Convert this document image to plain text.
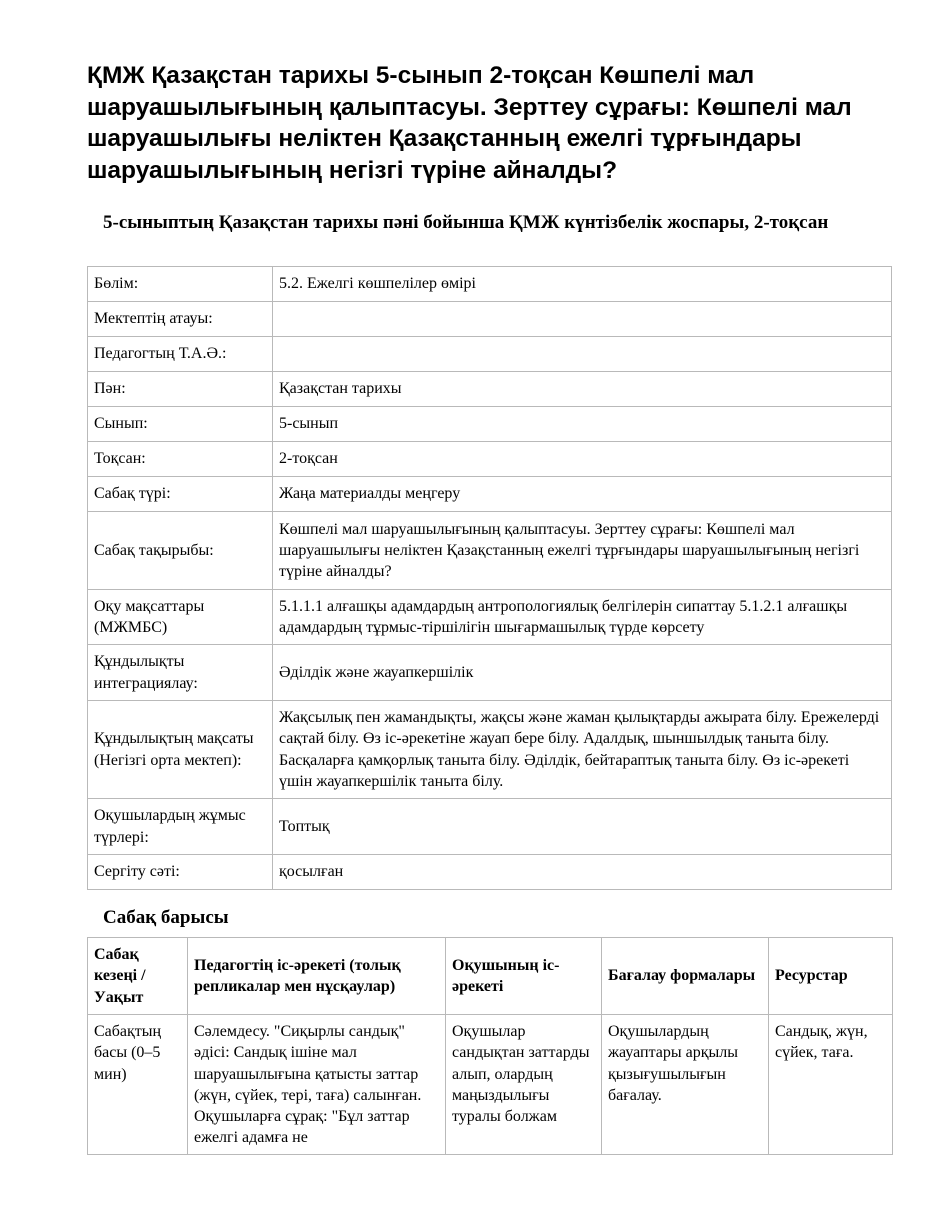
ҚМЖ Қазақстан тарихы 5-сынып 2-тоқсан Көшпелі мал шаруашылығының қалыптасуы. Зерттеу сұрағы: Көшпелі мал шаруашылығы неліктен Қазақстанның ежелгі тұрғындары шаруашылығының негізгі түріне айналды?
5-сыныптың Қазақстан тарихы пәні бойынша ҚМЖ күнтізбелік жоспары, 2-тоқсан
Бөлім:	5.2. Ежелгі көшпелілер өмірі
Мектептің атауы:	
Педагогтың Т.А.Ә.:	
Пән:	Қазақстан тарихы
Сынып:	5-сынып
Тоқсан:	2-тоқсан
Сабақ түрі:	Жаңа материалды меңгеру
Сабақ тақырыбы:	Көшпелі мал шаруашылығының қалыптасуы. Зерттеу сұрағы: Көшпелі мал шаруашылығы неліктен Қазақстанның ежелгі тұрғындары шаруашылығының негізгі түріне айналды?
Оқу мақсаттары (МЖМБС)	5.1.1.1 алғашқы адамдардың антропологиялық белгілерін сипаттау 5.1.2.1 алғашқы адамдардың тұрмыс-тіршілігін шығармашылық түрде көрсету
Құндылықты интеграциялау:	Әділдік және жауапкершілік
Құндылықтың мақсаты (Негізгі орта мектеп):	Жақсылық пен жамандықты, жақсы және жаман қылықтарды ажырата білу. Ережелерді сақтай білу. Өз іс-әрекетіне жауап бере білу. Адалдық, шыншылдық таныта білу. Басқаларға қамқорлық таныта білу. Әділдік, бейтараптық таныта білу. Өз іс-әрекеті үшін жауапкершілік таныта білу.
Оқушылардың жұмыс түрлері:	Топтық
Сергіту сәті:	қосылған
Сабақ барысы
Сабақ кезеңі / Уақыт	Педагогтің іс-әрекеті (толық репликалар мен нұсқаулар)	Оқушының іс-әрекеті	Бағалау формалары	Ресурстар
Сабақтың басы (0–5 мин)	Сәлемдесу. "Сиқырлы сандық" әдісі: Сандық ішіне мал шаруашылығына қатысты заттар (жүн, сүйек, тері, таға) салынған. Оқушыларға сұрақ: "Бұл заттар ежелгі адамға не	Оқушылар сандықтан заттарды алып, олардың маңыздылығы туралы болжам	Оқушылардың жауаптары арқылы қызығушылығын бағалау.	Сандық, жүн, сүйек, таға.
